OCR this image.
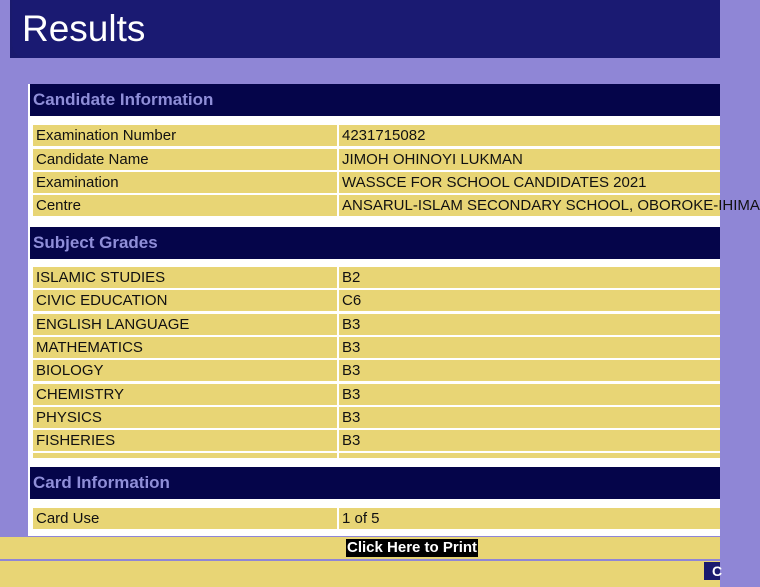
Results
Candidate Information
Examination Number	4231715082
Candidate Name	JIMOH OHINOYI LUKMAN
Examination	WASSCE FOR SCHOOL CANDIDATES 2021
Centre	ANSARUL-ISLAM SECONDARY SCHOOL, OBOROKE-IHIMA
Subject Grades
ISLAMIC STUDIES	B2
CIVIC EDUCATION	C6
ENGLISH LANGUAGE	B3
MATHEMATICS	B3
BIOLOGY	B3
CHEMISTRY	B3
PHYSICS	B3
FISHERIES	B3
Card Information
Card Use	1 of 5
Click Here to Print
C
